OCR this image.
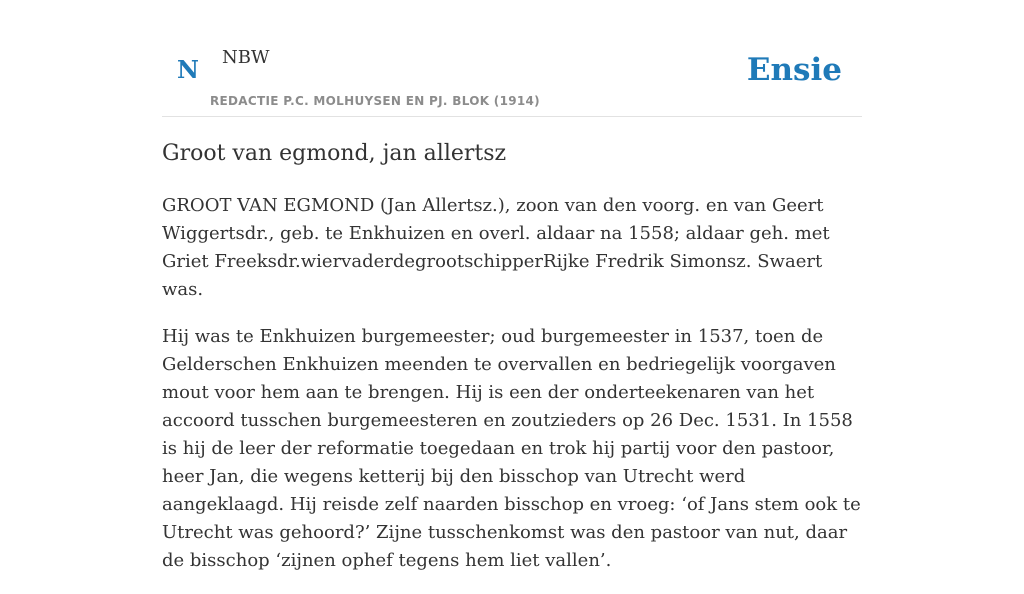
N NBW
REDACTIE P.C. MOLHUYSEN EN PJ. BLOK (1914)
Ensie
Groot van egmond, jan allertsz

GROOT VAN EGMOND (Jan Allertsz.), zoon van den voorg. en van Geert Wiggertsdr., geb. te Enkhuizen en overl. aldaar na 1558; aldaar geh. met Griet Freeksdr.wiervaderdegrootschipperRijke Fredrik Simonsz. Swaert was.

Hij was te Enkhuizen burgemeester; oud burgemeester in 1537, toen de Gelderschen Enkhuizen meenden te overvallen en bedriegelijk voorgaven mout voor hem aan te brengen. Hij is een der onderteekenaren van het accoord tusschen burgemeesteren en zoutzieders op 26 Dec. 1531. In 1558 is hij de leer der reformatie toegedaan en trok hij partij voor den pastoor, heer Jan, die wegens ketterij bij den bisschop van Utrecht werd aangeklaagd. Hij reisde zelf naarden bisschop en vroeg: ‘of Jans stem ook te Utrecht was gehoord?’ Zijne tusschenkomst was den pastoor van nut, daar de bisschop ‘zijnen ophef tegens hem liet vallen’.
